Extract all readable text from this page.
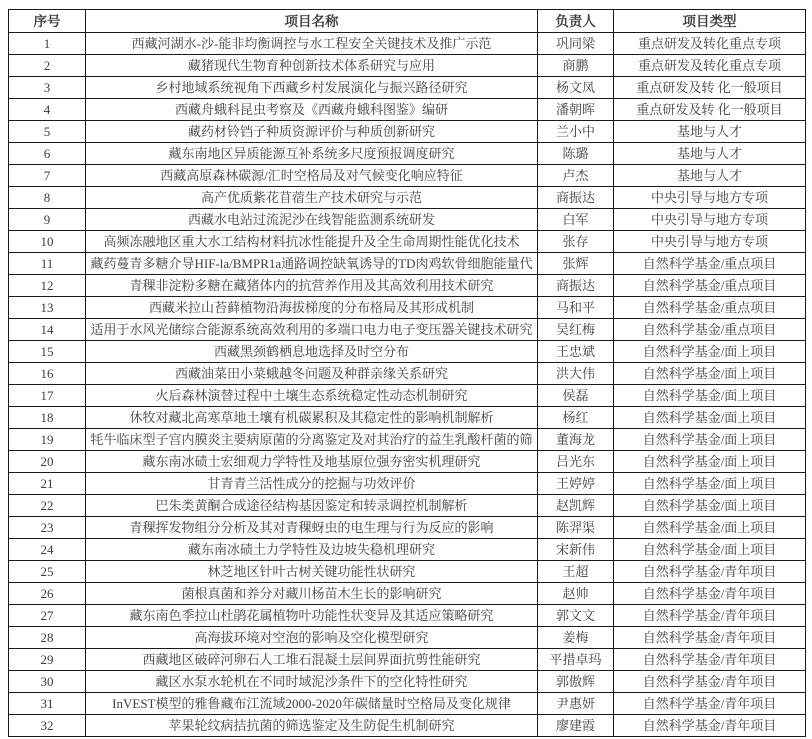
序号	项目名称	负责人	项目类型
1	西藏河湖水-沙-能非均衡调控与水工程安全关键技术及推广示范	巩同梁	重点研发及转化重点专项
2	藏猪现代生物育种创新技术体系研究与应用	商鹏	重点研发及转化重点专项
3	乡村地域系统视角下西藏乡村发展演化与振兴路径研究	杨文凤	重点研发及转 化一般项目
4	西藏舟蛾科昆虫考察及《西藏舟蛾科图鉴》编研	潘朝晖	重点研发及转 化一般项目
5	藏药材铃铛子种质资源评价与种质创新研究	兰小中	基地与人才
6	藏东南地区异质能源互补系统多尺度预报调度研究	陈璐	基地与人才
7	西藏高原森林碳源/汇时空格局及对气候变化响应特征	卢杰	基地与人才
8	高产优质紫花苜蓿生产技术研究与示范	商振达	中央引导与地方专项
9	西藏水电站过流泥沙在线智能监测系统研发	白军	中央引导与地方专项
10	高频冻融地区重大水工结构材料抗冰性能提升及全生命周期性能优化技术	张存	中央引导与地方专项
11	藏药蔓青多糖介导HIF-la/BMPR1a通路调控缺氧诱导的TD肉鸡软骨细胞能量代	张辉	自然科学基金/重点项目
12	青稞非淀粉多糖在藏猪体内的抗营养作用及其高效利用技术研究	商振达	自然科学基金/重点项目
13	西藏米拉山苔藓植物沿海拔梯度的分布格局及其形成机制	马和平	自然科学基金/重点项目
14	适用于水风光储综合能源系统高效利用的多端口电力电子变压器关键技术研究	吴红梅	自然科学基金/重点项目
15	西藏黑颈鹤栖息地选择及时空分布	王忠斌	自然科学基金/面上项目
16	西藏油菜田小菜蛾越冬问题及种群亲缘关系研究	洪大伟	自然科学基金/面上项目
17	火后森林演替过程中土壤生态系统稳定性动态机制研究	侯磊	自然科学基金/面上项目
18	休牧对藏北高寒草地土壤有机碳累积及其稳定性的影响机制解析	杨红	自然科学基金/面上项目
19	牦牛临床型子宫内膜炎主要病原菌的分离鉴定及对其治疗的益生乳酸杆菌的筛	董海龙	自然科学基金/面上项目
20	藏东南冰碛土宏细观力学特性及地基原位强夯密实机理研究	吕光东	自然科学基金/面上项目
21	甘青青兰活性成分的挖掘与功效评价	王婷婷	自然科学基金/面上项目
22	巴朱类黄酮合成途径结构基因鉴定和转录调控机制解析	赵凯辉	自然科学基金/面上项目
23	青稞挥发物组分分析及其对青稞蚜虫的电生理与行为反应的影响	陈羿渠	自然科学基金/面上项目
24	藏东南冰碛土力学特性及边坡失稳机理研究	宋新伟	自然科学基金/面上项目
25	林芝地区针叶古树关键功能性状研究	王超	自然科学基金/青年项目
26	菌根真菌和养分对藏川杨苗木生长的影响研究	赵帅	自然科学基金/青年项目
27	藏东南色季拉山杜鹃花属植物叶功能性状变异及其适应策略研究	郭文文	自然科学基金/青年项目
28	高海拔环境对空泡的影响及空化模型研究	姜梅	自然科学基金/青年项目
29	西藏地区破碎河卵石人工堆石混凝土层间界面抗剪性能研究	平措卓玛	自然科学基金/青年项目
30	藏区水泵水轮机在不同时域泥沙条件下的空化特性研究	郭傲辉	自然科学基金/青年项目
31	InVEST模型的雅鲁藏布江流域2000-2020年碳储量时空格局及变化规律	尹惠妍	自然科学基金/青年项目
32	苹果轮纹病拮抗菌的筛选鉴定及生防促生机制研究	廖建霞	自然科学基金/青年项目
